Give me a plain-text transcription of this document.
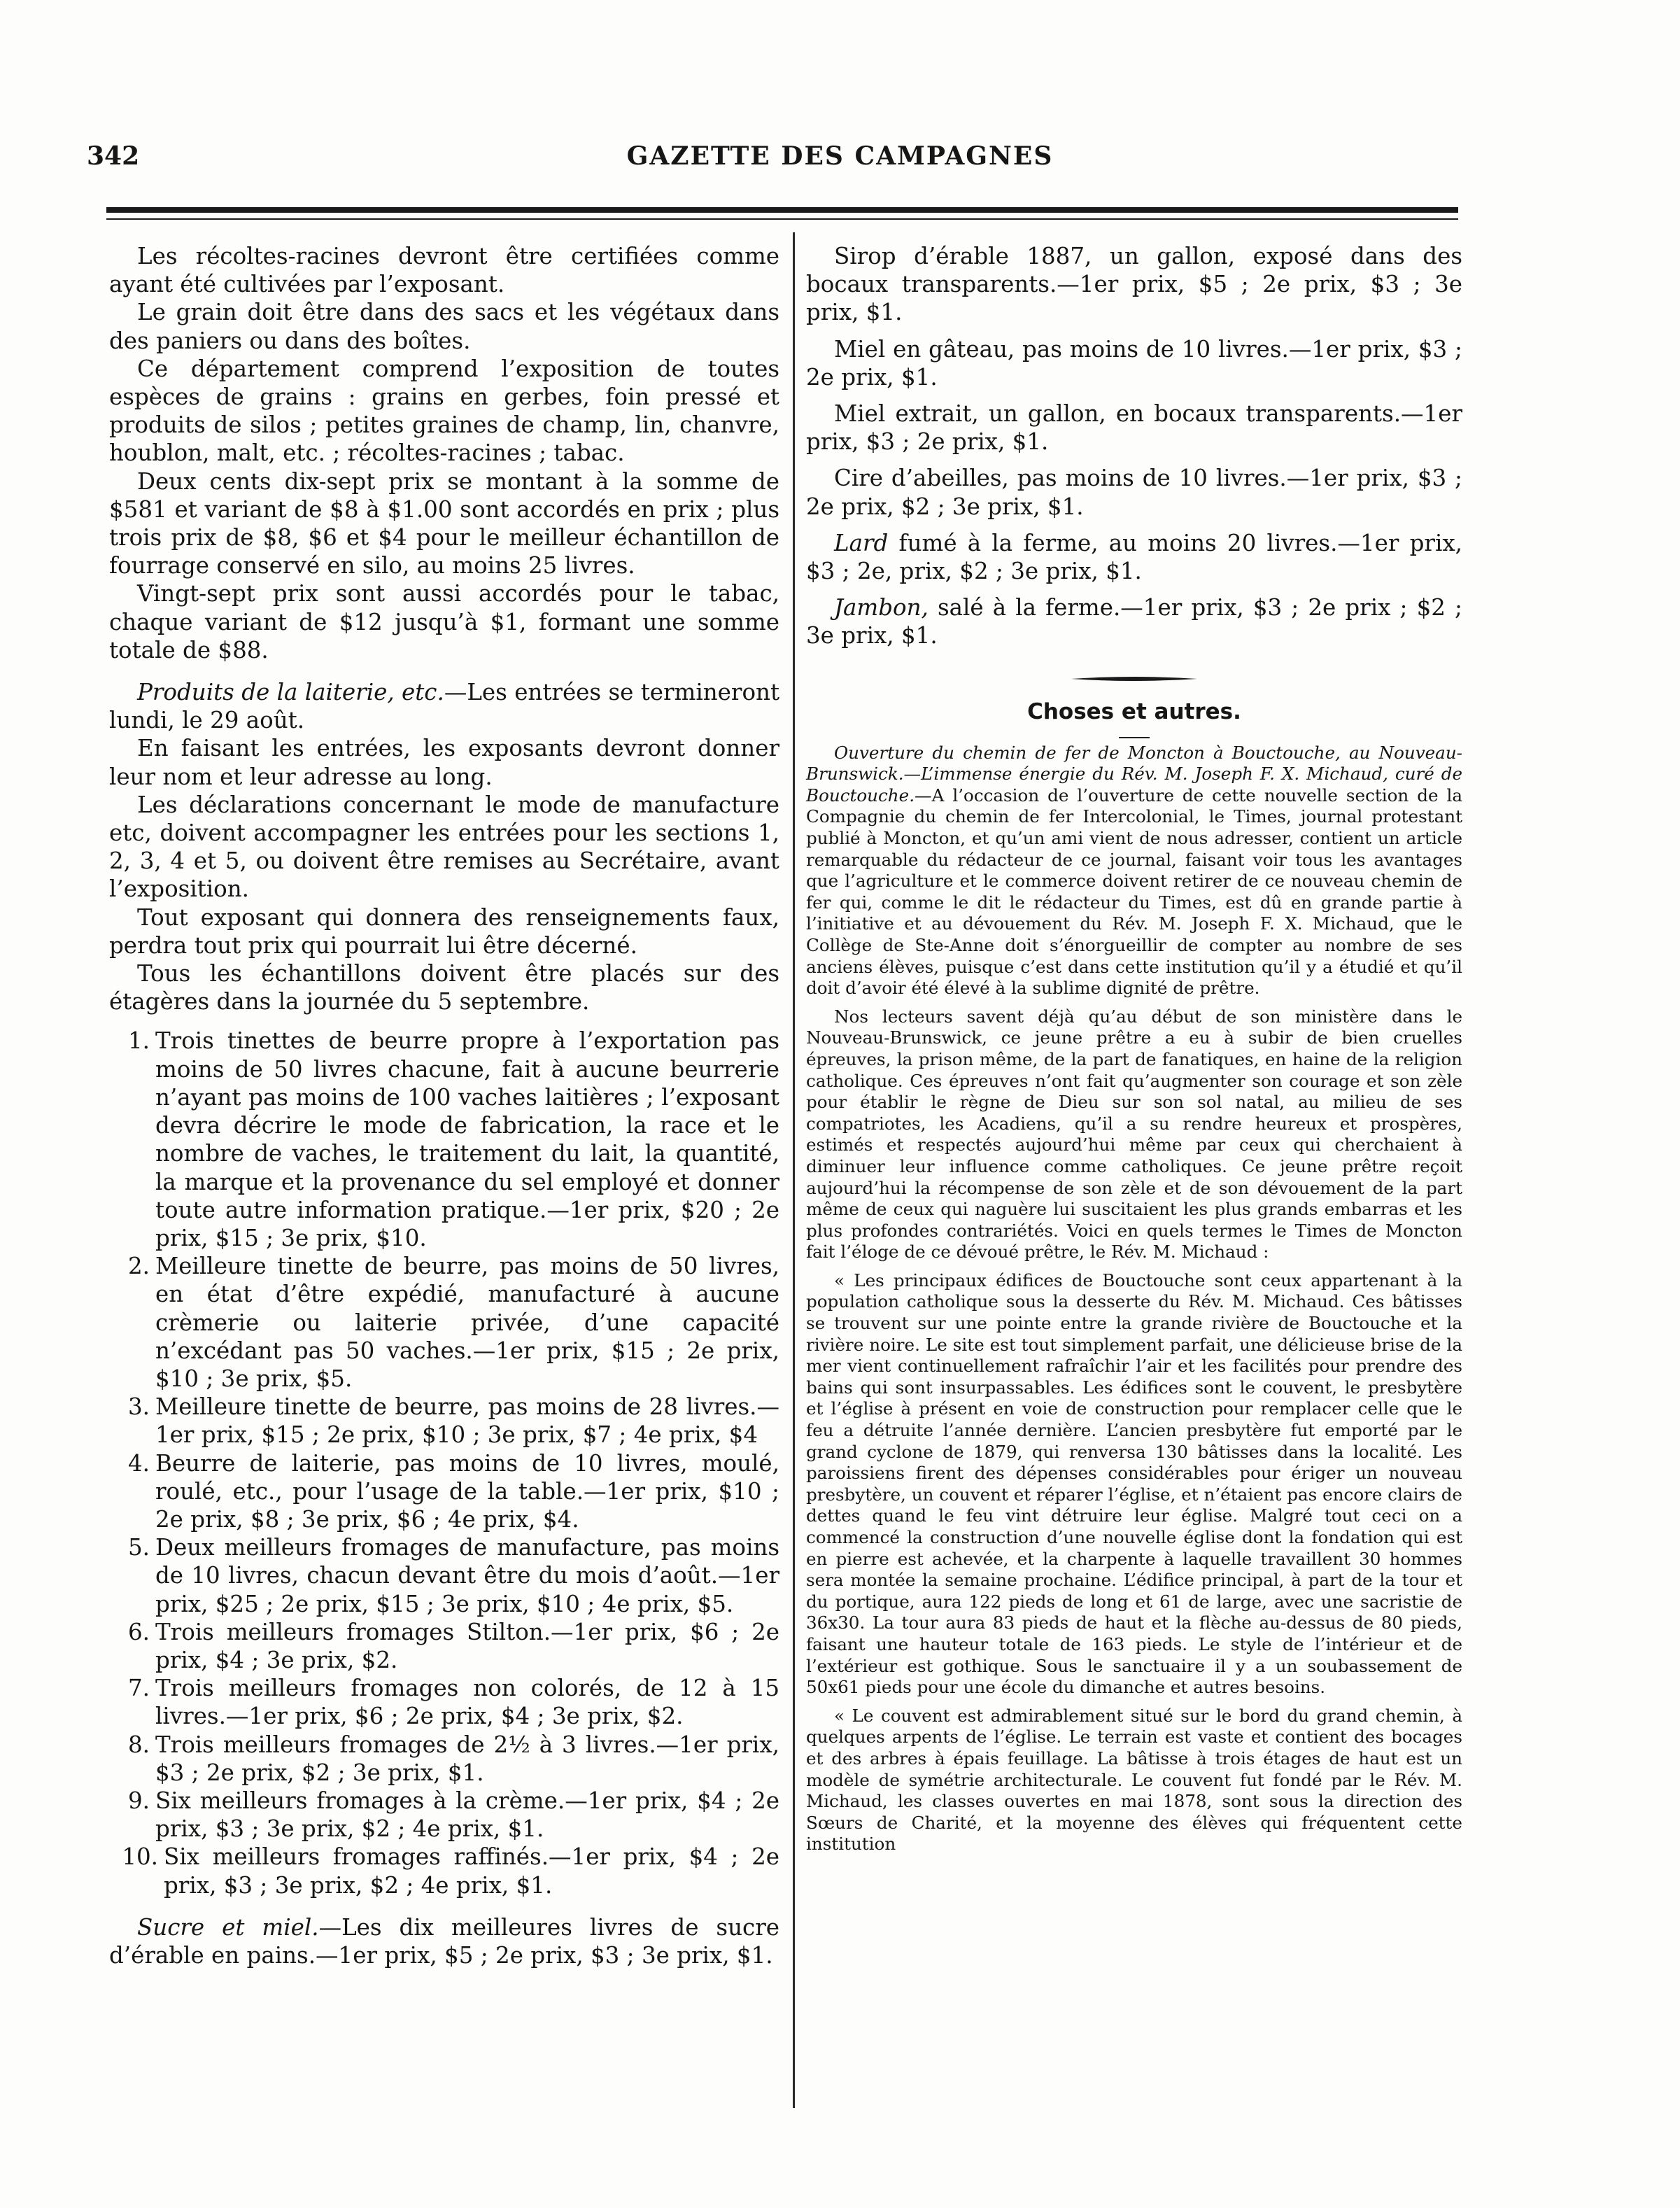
342	GAZETTE DES CAMPAGNES

Les récoltes-racines devront être certifiées comme ayant été cultivées par l’exposant.

Le grain doit être dans des sacs et les végétaux dans des paniers ou dans des boîtes.

Ce département comprend l’exposition de toutes espèces de grains : grains en gerbes, foin pressé et produits de silos ; petites graines de champ, lin, chanvre, houblon, malt, etc. ; récoltes-racines ; tabac.

Deux cents dix-sept prix se montant à la somme de $581 et variant de $8 à $1.00 sont accordés en prix ; plus trois prix de $8, $6 et $4 pour le meilleur échantillon de fourrage conservé en silo, au moins 25 livres.

Vingt-sept prix sont aussi accordés pour le tabac, chaque variant de $12 jusqu’à $1, formant une somme totale de $88.

Produits de la laiterie, etc.—Les entrées se termineront lundi, le 29 août.

En faisant les entrées, les exposants devront donner leur nom et leur adresse au long.

Les déclarations concernant le mode de manufacture etc, doivent accompagner les entrées pour les sections 1, 2, 3, 4 et 5, ou doivent être remises au Secrétaire, avant l’exposition.

Tout exposant qui donnera des renseignements faux, perdra tout prix qui pourrait lui être décerné.

Tous les échantillons doivent être placés sur des étagères dans la journée du 5 septembre.

1. Trois tinettes de beurre propre à l’exportation pas moins de 50 livres chacune, fait à aucune beurrerie n’ayant pas moins de 100 vaches laitières ; l’exposant devra décrire le mode de fabrication, la race et le nombre de vaches, le traitement du lait, la quantité, la marque et la provenance du sel employé et donner toute autre information pratique.—1er prix, $20 ; 2e prix, $15 ; 3e prix, $10.
2. Meilleure tinette de beurre, pas moins de 50 livres, en état d’être expédié, manufacturé à aucune crèmerie ou laiterie privée, d’une capacité n’excédant pas 50 vaches.—1er prix, $15 ; 2e prix, $10 ; 3e prix, $5.
3. Meilleure tinette de beurre, pas moins de 28 livres.—1er prix, $15 ; 2e prix, $10 ; 3e prix, $7 ; 4e prix, $4
4. Beurre de laiterie, pas moins de 10 livres, moulé, roulé, etc., pour l’usage de la table.—1er prix, $10 ; 2e prix, $8 ; 3e prix, $6 ; 4e prix, $4.
5. Deux meilleurs fromages de manufacture, pas moins de 10 livres, chacun devant être du mois d’août.—1er prix, $25 ; 2e prix, $15 ; 3e prix, $10 ; 4e prix, $5.
6. Trois meilleurs fromages Stilton.—1er prix, $6 ; 2e prix, $4 ; 3e prix, $2.
7. Trois meilleurs fromages non colorés, de 12 à 15 livres.—1er prix, $6 ; 2e prix, $4 ; 3e prix, $2.
8. Trois meilleurs fromages de 2½ à 3 livres.—1er prix, $3 ; 2e prix, $2 ; 3e prix, $1.
9. Six meilleurs fromages à la crème.—1er prix, $4 ; 2e prix, $3 ; 3e prix, $2 ; 4e prix, $1.
10. Six meilleurs fromages raffinés.—1er prix, $4 ; 2e prix, $3 ; 3e prix, $2 ; 4e prix, $1.

Sucre et miel.—Les dix meilleures livres de sucre d’érable en pains.—1er prix, $5 ; 2e prix, $3 ; 3e prix, $1.

Sirop d’érable 1887, un gallon, exposé dans des bocaux transparents.—1er prix, $5 ; 2e prix, $3 ; 3e prix, $1.

Miel en gâteau, pas moins de 10 livres.—1er prix, $3 ; 2e prix, $1.

Miel extrait, un gallon, en bocaux transparents.—1er prix, $3 ; 2e prix, $1.

Cire d’abeilles, pas moins de 10 livres.—1er prix, $3 ; 2e prix, $2 ; 3e prix, $1.

Lard fumé à la ferme, au moins 20 livres.—1er prix, $3 ; 2e, prix, $2 ; 3e prix, $1.

Jambon, salé à la ferme.—1er prix, $3 ; 2e prix ; $2 ; 3e prix, $1.

Choses et autres.

Ouverture du chemin de fer de Moncton à Bouctouche, au Nouveau-Brunswick.—L’immense énergie du Rév. M. Joseph F. X. Michaud, curé de Bouctouche.—A l’occasion de l’ouverture de cette nouvelle section de la Compagnie du chemin de fer Intercolonial, le Times, journal protestant publié à Moncton, et qu’un ami vient de nous adresser, contient un article remarquable du rédacteur de ce journal, faisant voir tous les avantages que l’agriculture et le commerce doivent retirer de ce nouveau chemin de fer qui, comme le dit le rédacteur du Times, est dû en grande partie à l’initiative et au dévouement du Rév. M. Joseph F. X. Michaud, que le Collège de Ste-Anne doit s’énorgueillir de compter au nombre de ses anciens élèves, puisque c’est dans cette institution qu’il y a étudié et qu’il doit d’avoir été élevé à la sublime dignité de prêtre.

Nos lecteurs savent déjà qu’au début de son ministère dans le Nouveau-Brunswick, ce jeune prêtre a eu à subir de bien cruelles épreuves, la prison même, de la part de fanatiques, en haine de la religion catholique. Ces épreuves n’ont fait qu’augmenter son courage et son zèle pour établir le règne de Dieu sur son sol natal, au milieu de ses compatriotes, les Acadiens, qu’il a su rendre heureux et prospères, estimés et respectés aujourd’hui même par ceux qui cherchaient à diminuer leur influence comme catholiques. Ce jeune prêtre reçoit aujourd’hui la récompense de son zèle et de son dévouement de la part même de ceux qui naguère lui suscitaient les plus grands embarras et les plus profondes contrariétés. Voici en quels termes le Times de Moncton fait l’éloge de ce dévoué prêtre, le Rév. M. Michaud :

« Les principaux édifices de Bouctouche sont ceux appartenant à la population catholique sous la desserte du Rév. M. Michaud. Ces bâtisses se trouvent sur une pointe entre la grande rivière de Bouctouche et la rivière noire. Le site est tout simplement parfait, une délicieuse brise de la mer vient continuellement rafraîchir l’air et les facilités pour prendre des bains qui sont insurpassables. Les édifices sont le couvent, le presbytère et l’église à présent en voie de construction pour remplacer celle que le feu a détruite l’année dernière. L’ancien presbytère fut emporté par le grand cyclone de 1879, qui renversa 130 bâtisses dans la localité. Les paroissiens firent des dépenses considérables pour ériger un nouveau presbytère, un couvent et réparer l’église, et n’étaient pas encore clairs de dettes quand le feu vint détruire leur église. Malgré tout ceci on a commencé la construction d’une nouvelle église dont la fondation qui est en pierre est achevée, et la charpente à laquelle travaillent 30 hommes sera montée la semaine prochaine. L’édifice principal, à part de la tour et du portique, aura 122 pieds de long et 61 de large, avec une sacristie de 36x30. La tour aura 83 pieds de haut et la flèche au-dessus de 80 pieds, faisant une hauteur totale de 163 pieds. Le style de l’intérieur et de l’extérieur est gothique. Sous le sanctuaire il y a un soubassement de 50x61 pieds pour une école du dimanche et autres besoins.

« Le couvent est admirablement situé sur le bord du grand chemin, à quelques arpents de l’église. Le terrain est vaste et contient des bocages et des arbres à épais feuillage. La bâtisse à trois étages de haut est un modèle de symétrie architecturale. Le couvent fut fondé par le Rév. M. Michaud, les classes ouvertes en mai 1878, sont sous la direction des Sœurs de Charité, et la moyenne des élèves qui fréquentent cette institution
